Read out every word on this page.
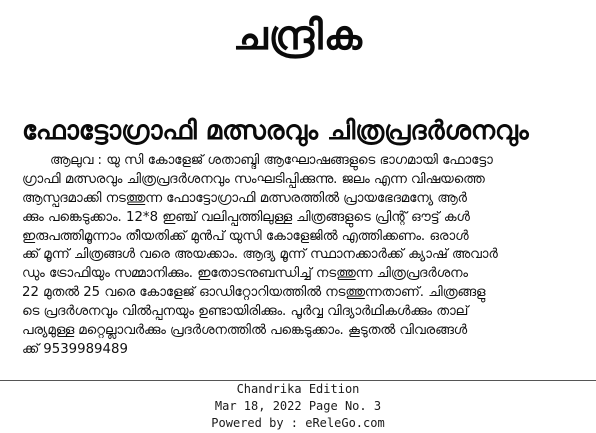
ചന്ദ്രിക
ഫോട്ടോഗ്രാഫി മത്സരവും ചിത്രപ്രദർശനവും
ആലുവ : യു സി കോളേജ് ശതാബ്ദി ആഘോഷങ്ങളുടെ ഭാഗമായി ഫോട്ടോ
ഗ്രാഫി മത്സരവും ചിത്രപ്രദർശനവും സംഘടിപ്പിക്കുന്നു. ജലം എന്ന വിഷയത്തെ
ആസ്പദമാക്കി നടത്തുന്ന ഫോട്ടോഗ്രാഫി മത്സരത്തിൽ പ്രായഭേദമന്യേ ആർ
ക്കും പങ്കെടുക്കാം. 12*8 ഇഞ്ച് വലിപ്പത്തിലുള്ള ചിത്രങ്ങളുടെ പ്രിന്റ് ഔട്ട് കൾ
ഇരുപത്തിമൂന്നാം തീയതിക്ക് മുൻപ് യുസി കോളേജിൽ എത്തിക്കണം. ഒരാൾ
ക്ക് മൂന്ന് ചിത്രങ്ങൾ വരെ അയക്കാം. ആദ്യ മൂന്ന് സ്ഥാനക്കാർക്ക് ക്യാഷ് അവാർ
ഡും ട്രോഫിയും സമ്മാനിക്കും. ഇതോടനുബന്ധിച്ച് നടത്തുന്ന ചിത്രപ്രദർശനം
22 മുതൽ 25 വരെ കോളേജ് ഓഡിറ്റോറിയത്തിൽ നടത്തുന്നതാണ്. ചിത്രങ്ങളു
ടെ പ്രദർശനവും വിൽപ്പനയും ഉണ്ടായിരിക്കും. പൂർവ്വ വിദ്യാർഥികൾക്കും താല്
പര്യമുള്ള മറ്റെല്ലാവർക്കും പ്രദർശനത്തിൽ പങ്കെടുക്കാം. കൂടുതൽ വിവരങ്ങൾ
ക്ക് 9539989489
Chandrika Edition
Mar 18, 2022 Page No. 3
Powered by : eReleGo.com
